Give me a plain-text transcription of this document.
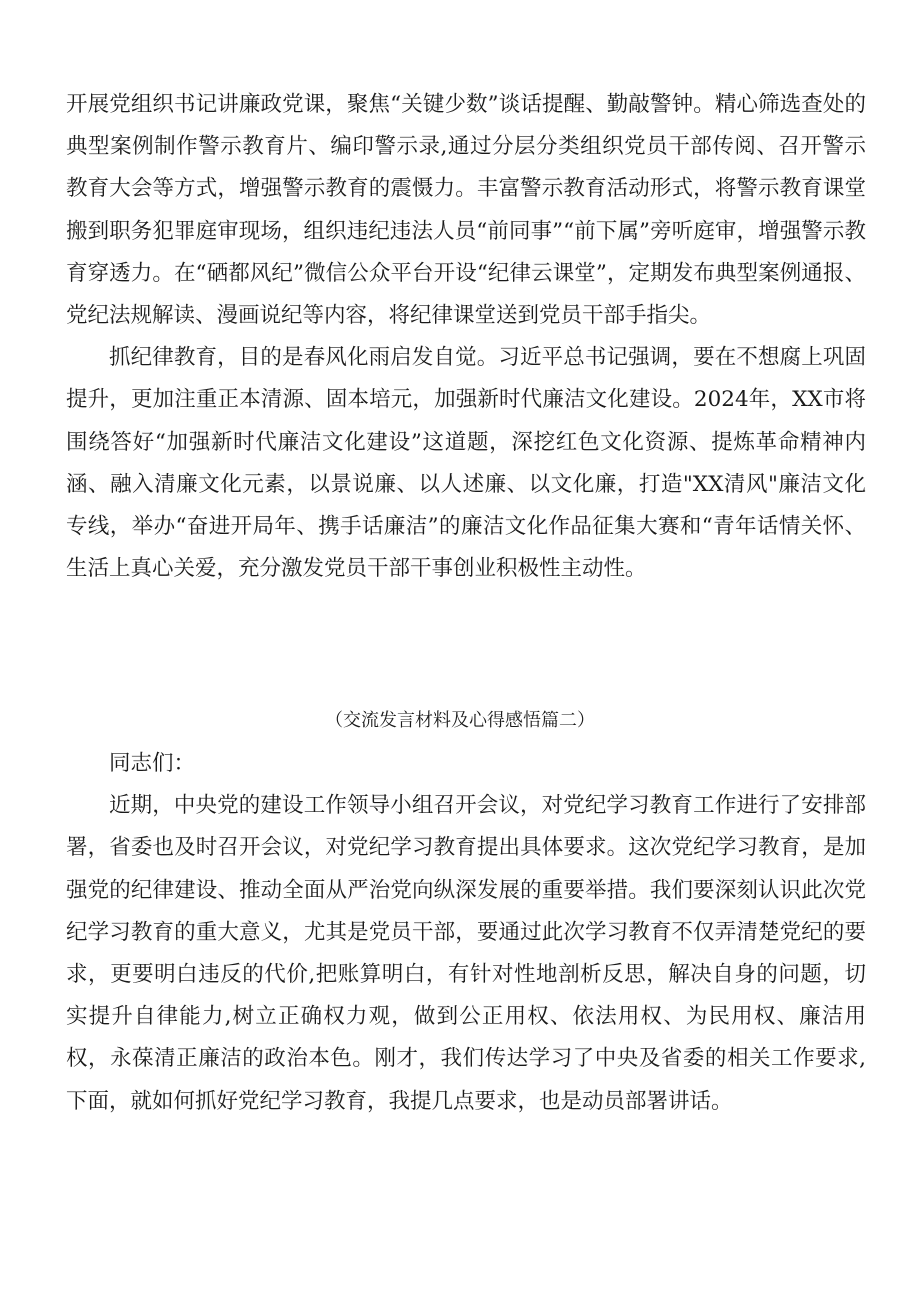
开展党组织书记讲廉政党课，聚焦“关键少数”谈话提醒、勤敲警钟。精心筛选查处的典型案例制作警示教育片、编印警示录,通过分层分类组织党员干部传阅、召开警示教育大会等方式，增强警示教育的震慑力。丰富警示教育活动形式，将警示教育课堂搬到职务犯罪庭审现场，组织违纪违法人员“前同事”“前下属”旁听庭审，增强警示教育穿透力。在“硒都风纪”微信公众平台开设“纪律云课堂”，定期发布典型案例通报、党纪法规解读、漫画说纪等内容，将纪律课堂送到党员干部手指尖。

抓纪律教育，目的是春风化雨启发自觉。习近平总书记强调，要在不想腐上巩固提升，更加注重正本清源、固本培元，加强新时代廉洁文化建设。2024年，XX市将围绕答好“加强新时代廉洁文化建设”这道题，深挖红色文化资源、提炼革命精神内涵、融入清廉文化元素，以景说廉、以人述廉、以文化廉，打造"XX清风"廉洁文化专线，举办“奋进开局年、携手话廉洁”的廉洁文化作品征集大赛和“青年话情关怀、生活上真心关爱，充分激发党员干部干事创业积极性主动性。

（交流发言材料及心得感悟篇二）

同志们：

近期，中央党的建设工作领导小组召开会议，对党纪学习教育工作进行了安排部署，省委也及时召开会议，对党纪学习教育提出具体要求。这次党纪学习教育，是加强党的纪律建设、推动全面从严治党向纵深发展的重要举措。我们要深刻认识此次党纪学习教育的重大意义，尤其是党员干部，要通过此次学习教育不仅弄清楚党纪的要求，更要明白违反的代价,把账算明白，有针对性地剖析反思，解决自身的问题，切实提升自律能力,树立正确权力观，做到公正用权、依法用权、为民用权、廉洁用权，永葆清正廉洁的政治本色。刚才，我们传达学习了中央及省委的相关工作要求,下面，就如何抓好党纪学习教育，我提几点要求，也是动员部署讲话。
